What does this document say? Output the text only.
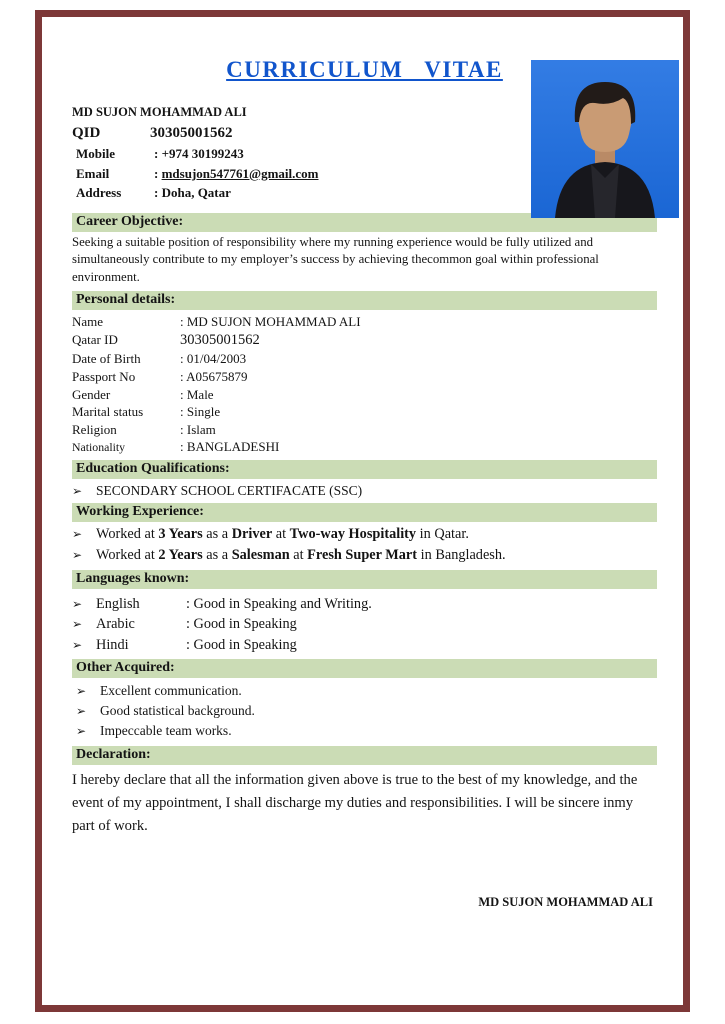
CURRICULUM VITAE
MD SUJON MOHAMMAD ALI
QID	30305001562
Mobile	: +974 30199243
Email	: mdsujon547761@gmail.com
Address	: Doha, Qatar
Career Objective:

Seeking a suitable position of responsibility where my running experience would be fully utilized and simultaneously contribute to my employer’s success by achieving thecommon goal within professional environment.

Personal details:
Name	: MD SUJON MOHAMMAD ALI
Qatar ID	30305001562
Date of Birth	: 01/04/2003
Passport No	: A05675879
Gender	: Male
Marital status	: Single
Religion	: Islam
Nationality	: BANGLADESHI
Education Qualifications:
➢ SECONDARY SCHOOL CERTIFACATE (SSC)
Working Experience:
➢ Worked at 3 Years as a Driver at Two-way Hospitality in Qatar.
➢ Worked at 2 Years as a Salesman at Fresh Super Mart in Bangladesh.
Languages known:
➢ English	: Good in Speaking and Writing.
➢ Arabic	: Good in Speaking
➢ Hindi	: Good in Speaking
Other Acquired:
➢ Excellent communication.
➢ Good statistical background.
➢ Impeccable team works.
Declaration:

I hereby declare that all the information given above is true to the best of my knowledge, and the event of my appointment, I shall discharge my duties and responsibilities. I will be sincere inmy part of work.

MD SUJON MOHAMMAD ALI
